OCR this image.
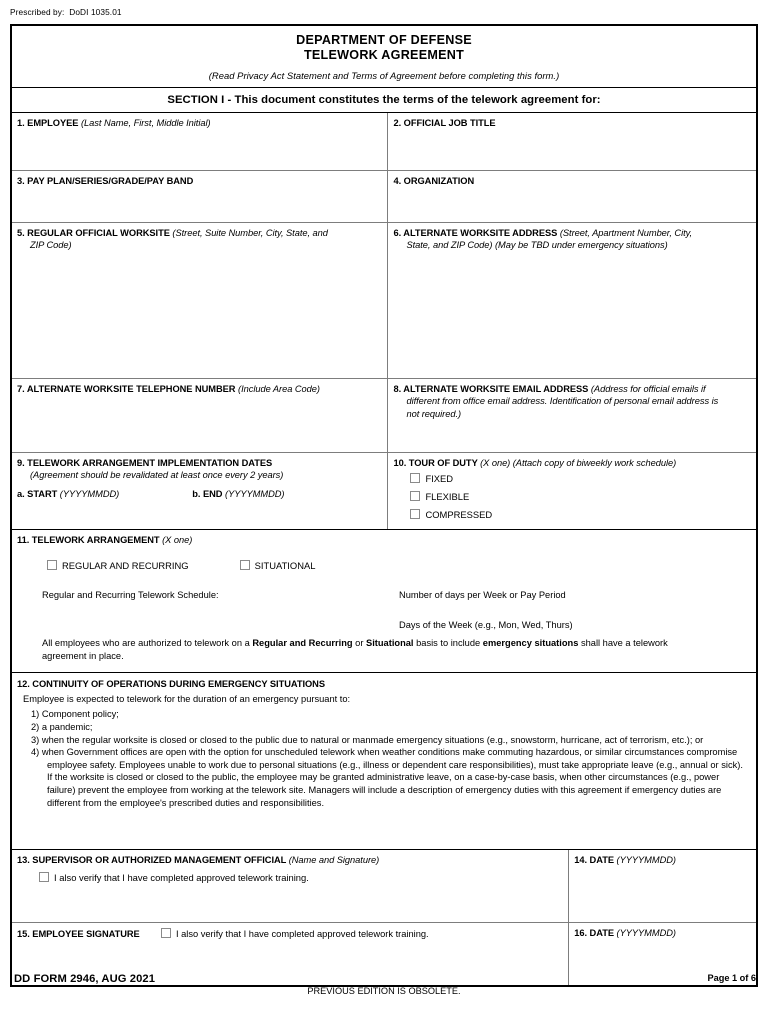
Prescribed by:  DoDI 1035.01
DEPARTMENT OF DEFENSE
TELEWORK AGREEMENT
(Read Privacy Act Statement and Terms of Agreement before completing this form.)
SECTION I - This document constitutes the terms of the telework agreement for:
1. EMPLOYEE (Last Name, First, Middle Initial)	2. OFFICIAL JOB TITLE
3. PAY PLAN/SERIES/GRADE/PAY BAND	4. ORGANIZATION
5. REGULAR OFFICIAL WORKSITE (Street, Suite Number, City, State, and
ZIP Code)
6. ALTERNATE WORKSITE ADDRESS (Street, Apartment Number, City,
State, and ZIP Code) (May be TBD under emergency situations)
7. ALTERNATE WORKSITE TELEPHONE NUMBER (Include Area Code)	8. ALTERNATE WORKSITE EMAIL ADDRESS (Address for official emails if
different from office email address. Identification of personal email address is
not required.)
9. TELEWORK ARRANGEMENT IMPLEMENTATION DATES
(Agreement should be revalidated at least once every 2 years)
a. START (YYYYMMDD)	b. END (YYYYMMDD)
10. TOUR OF DUTY (X one) (Attach copy of biweekly work schedule)
FIXED
FLEXIBLE
COMPRESSED
11. TELEWORK ARRANGEMENT (X one)
REGULAR AND RECURRING	SITUATIONAL
Regular and Recurring Telework Schedule:	Number of days per Week or Pay Period
Days of the Week (e.g., Mon, Wed, Thurs)
All employees who are authorized to telework on a Regular and Recurring or Situational basis to include emergency situations shall have a telework
agreement in place.
12. CONTINUITY OF OPERATIONS DURING EMERGENCY SITUATIONS
Employee is expected to telework for the duration of an emergency pursuant to:
1) Component policy;
2) a pandemic;
3) when the regular worksite is closed or closed to the public due to natural or manmade emergency situations (e.g., snowstorm, hurricane, act of terrorism, etc.); or
4) when Government offices are open with the option for unscheduled telework when weather conditions make commuting hazardous, or similar circumstances compromise employee safety. Employees unable to work due to personal situations (e.g., illness or dependent care responsibilities), must take appropriate leave (e.g., annual or sick). If the worksite is closed or closed to the public, the employee may be granted administrative leave, on a case-by-case basis, when other circumstances (e.g., power failure) prevent the employee from working at the telework site. Managers will include a description of emergency duties with this agreement if emergency duties are different from the employee's prescribed duties and responsibilities.
13. SUPERVISOR OR AUTHORIZED MANAGEMENT OFFICIAL (Name and Signature)
I also verify that I have completed approved telework training.
14. DATE (YYYYMMDD)
15. EMPLOYEE SIGNATURE	I also verify that I have completed approved telework training.	16. DATE (YYYYMMDD)
DD FORM 2946, AUG 2021
PREVIOUS EDITION IS OBSOLETE.
Page 1 of 6
